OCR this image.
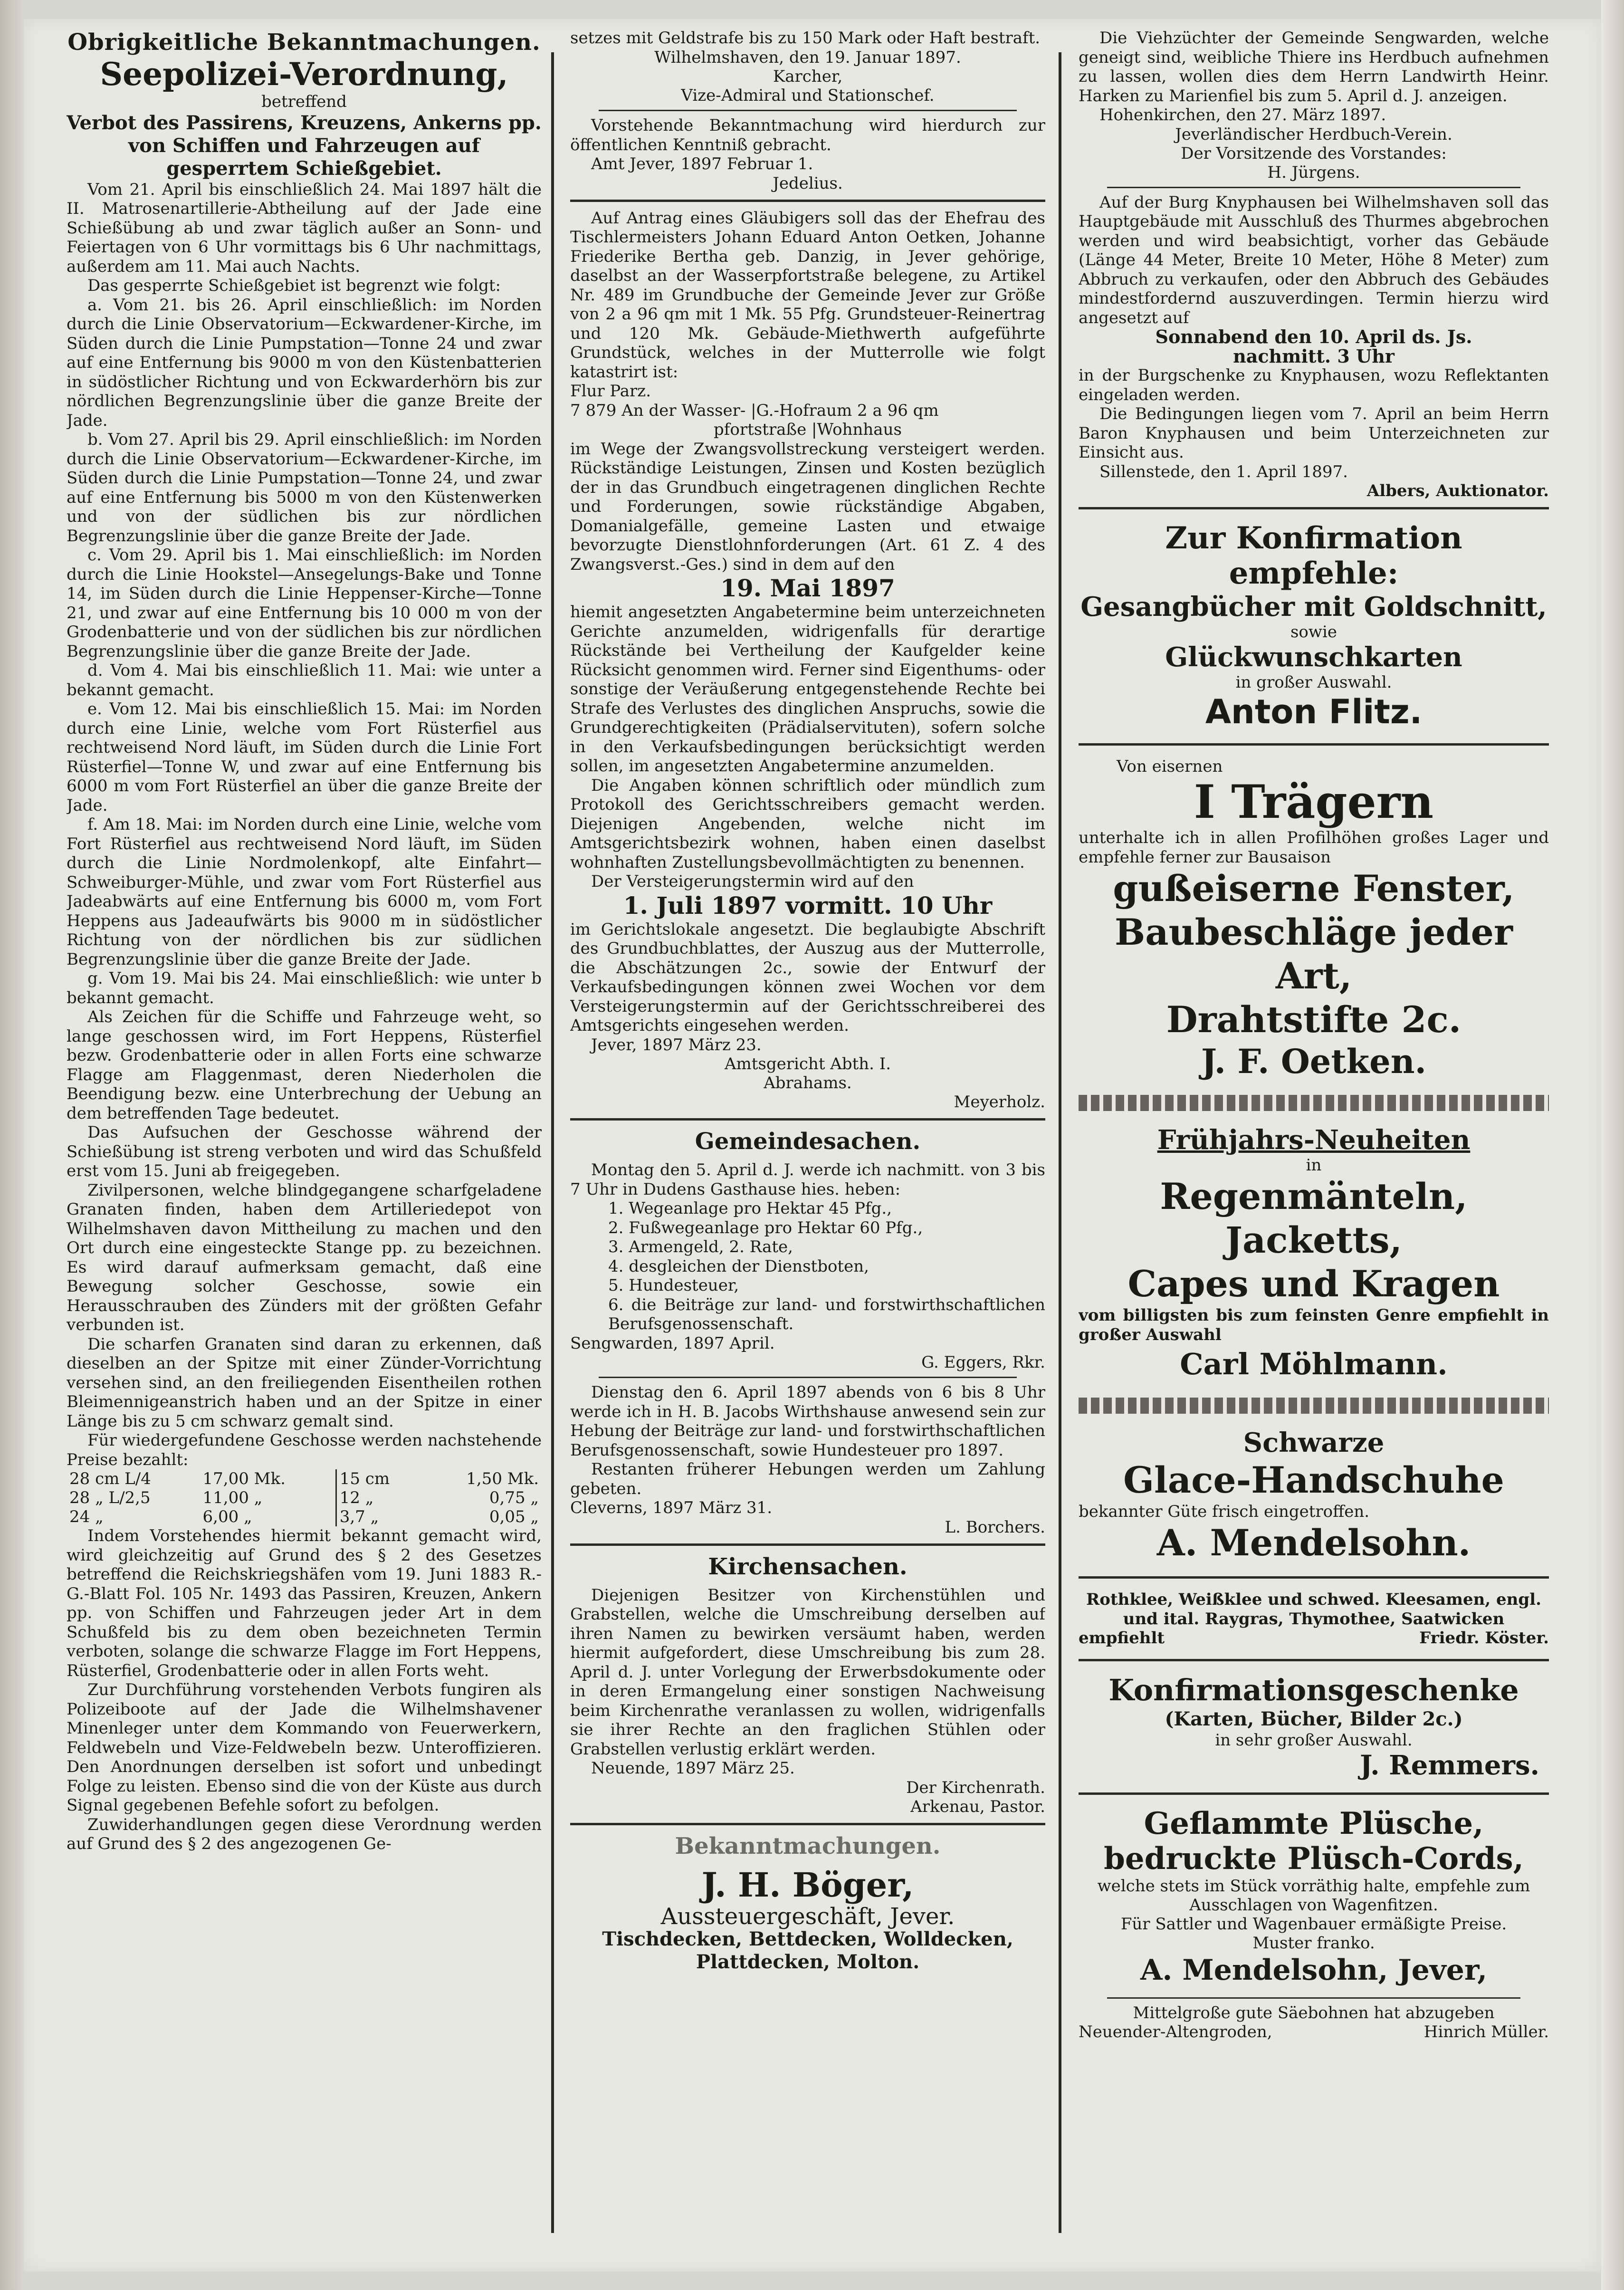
Obrigkeitliche Bekanntmachungen.

Seepolizei-Verordnung,

betreffend

Verbot des Passirens, Kreuzens, Ankerns pp. von Schiffen und Fahrzeugen auf gesperrtem Schießgebiet.

Vom 21. April bis einschließlich 24. Mai 1897 hält die II. Matrosenartillerie-Abtheilung auf der Jade eine Schießübung ab und zwar täglich außer an Sonn- und Feiertagen von 6 Uhr vormittags bis 6 Uhr nachmittags, außerdem am 11. Mai auch Nachts.

Das gesperrte Schießgebiet ist begrenzt wie folgt:

a. Vom 21. bis 26. April einschließlich: im Norden durch die Linie Observatorium—Eckwardener-Kirche, im Süden durch die Linie Pumpstation—Tonne 24 und zwar auf eine Entfernung bis 9000 m von den Küstenbatterien in südöstlicher Richtung und von Eckwarderhörn bis zur nördlichen Begrenzungslinie über die ganze Breite der Jade.

b. Vom 27. April bis 29. April einschließlich: im Norden durch die Linie Observatorium—Eckwardener-Kirche, im Süden durch die Linie Pumpstation—Tonne 24, und zwar auf eine Entfernung bis 5000 m von den Küstenwerken und von der südlichen bis zur nördlichen Begrenzungslinie über die ganze Breite der Jade.

c. Vom 29. April bis 1. Mai einschließlich: im Norden durch die Linie Hookstel—Ansegelungs-Bake und Tonne 14, im Süden durch die Linie Heppenser-Kirche—Tonne 21, und zwar auf eine Entfernung bis 10 000 m von der Grodenbatterie und von der südlichen bis zur nördlichen Begrenzungslinie über die ganze Breite der Jade.

d. Vom 4. Mai bis einschließlich 11. Mai: wie unter a bekannt gemacht.

e. Vom 12. Mai bis einschließlich 15. Mai: im Norden durch eine Linie, welche vom Fort Rüsterfiel aus rechtweisend Nord läuft, im Süden durch die Linie Fort Rüsterfiel—Tonne W, und zwar auf eine Entfernung bis 6000 m vom Fort Rüsterfiel an über die ganze Breite der Jade.

f. Am 18. Mai: im Norden durch eine Linie, welche vom Fort Rüsterfiel aus rechtweisend Nord läuft, im Süden durch die Linie Nordmolenkopf, alte Einfahrt—Schweiburger-Mühle, und zwar vom Fort Rüsterfiel aus Jadeabwärts auf eine Entfernung bis 6000 m, vom Fort Heppens aus Jadeaufwärts bis 9000 m in südöstlicher Richtung von der nördlichen bis zur südlichen Begrenzungslinie über die ganze Breite der Jade.

g. Vom 19. Mai bis 24. Mai einschließlich: wie unter b bekannt gemacht.

Als Zeichen für die Schiffe und Fahrzeuge weht, so lange geschossen wird, im Fort Heppens, Rüsterfiel bezw. Grodenbatterie oder in allen Forts eine schwarze Flagge am Flaggenmast, deren Niederholen die Beendigung bezw. eine Unterbrechung der Uebung an dem betreffenden Tage bedeutet.

Das Aufsuchen der Geschosse während der Schießübung ist streng verboten und wird das Schußfeld erst vom 15. Juni ab freigegeben.

Zivilpersonen, welche blindgegangene scharfgeladene Granaten finden, haben dem Artilleriedepot von Wilhelmshaven davon Mittheilung zu machen und den Ort durch eine eingesteckte Stange pp. zu bezeichnen. Es wird darauf aufmerksam gemacht, daß eine Bewegung solcher Geschosse, sowie ein Herausschrauben des Zünders mit der größten Gefahr verbunden ist.

Die scharfen Granaten sind daran zu erkennen, daß dieselben an der Spitze mit einer Zünder-Vorrichtung versehen sind, an den freiliegenden Eisentheilen rothen Bleimennigeanstrich haben und an der Spitze in einer Länge bis zu 5 cm schwarz gemalt sind.

Für wiedergefundene Geschosse werden nachstehende Preise bezahlt:

28 cm L/4	17,00 Mk.	15 cm	1,50 Mk.
28 „ L/2,5	11,00 „	12 „	0,75 „
24 „	6,00 „	3,7 „	0,05 „

Indem Vorstehendes hiermit bekannt gemacht wird, wird gleichzeitig auf Grund des § 2 des Gesetzes betreffend die Reichskriegshäfen vom 19. Juni 1883 R.-G.-Blatt Fol. 105 Nr. 1493 das Passiren, Kreuzen, Ankern pp. von Schiffen und Fahrzeugen jeder Art in dem Schußfeld bis zu dem oben bezeichneten Termin verboten, solange die schwarze Flagge im Fort Heppens, Rüsterfiel, Grodenbatterie oder in allen Forts weht.

Zur Durchführung vorstehenden Verbots fungiren als Polizeiboote auf der Jade die Wilhelmshavener Minenleger unter dem Kommando von Feuerwerkern, Feldwebeln und Vize-Feldwebeln bezw. Unteroffizieren. Den Anordnungen derselben ist sofort und unbedingt Folge zu leisten. Ebenso sind die von der Küste aus durch Signal gegebenen Befehle sofort zu befolgen.

Zuwiderhandlungen gegen diese Verordnung werden auf Grund des § 2 des angezogenen Ge-

setzes mit Geldstrafe bis zu 150 Mark oder Haft bestraft.

Wilhelmshaven, den 19. Januar 1897.

Karcher,

Vize-Admiral und Stationschef.

Vorstehende Bekanntmachung wird hierdurch zur öffentlichen Kenntniß gebracht.

Amt Jever, 1897 Februar 1.

Jedelius.

Auf Antrag eines Gläubigers soll das der Ehefrau des Tischlermeisters Johann Eduard Anton Oetken, Johanne Friederike Bertha geb. Danzig, in Jever gehörige, daselbst an der Wasserpfortstraße belegene, zu Artikel Nr. 489 im Grundbuche der Gemeinde Jever zur Größe von 2 a 96 qm mit 1 Mk. 55 Pfg. Grundsteuer-Reinertrag und 120 Mk. Gebäude-Miethwerth aufgeführte Grundstück, welches in der Mutterrolle wie folgt katastrirt ist:

Flur Parz.

7 879 An der Wasser- |G.-Hofraum 2 a 96 qm

pfortstraße |Wohnhaus

im Wege der Zwangsvollstreckung versteigert werden. Rückständige Leistungen, Zinsen und Kosten bezüglich der in das Grundbuch eingetragenen dinglichen Rechte und Forderungen, sowie rückständige Abgaben, Domanialgefälle, gemeine Lasten und etwaige bevorzugte Dienstlohnforderungen (Art. 61 Z. 4 des Zwangsverst.-Ges.) sind in dem auf den

19. Mai 1897

hiemit angesetzten Angabetermine beim unterzeichneten Gerichte anzumelden, widrigenfalls für derartige Rückstände bei Vertheilung der Kaufgelder keine Rücksicht genommen wird. Ferner sind Eigenthums- oder sonstige der Veräußerung entgegenstehende Rechte bei Strafe des Verlustes des dinglichen Anspruchs, sowie die Grundgerechtigkeiten (Prädialservituten), sofern solche in den Verkaufsbedingungen berücksichtigt werden sollen, im angesetzten Angabetermine anzumelden.

Die Angaben können schriftlich oder mündlich zum Protokoll des Gerichtsschreibers gemacht werden. Diejenigen Angebenden, welche nicht im Amtsgerichtsbezirk wohnen, haben einen daselbst wohnhaften Zustellungsbevollmächtigten zu benennen.

Der Versteigerungstermin wird auf den

1. Juli 1897 vormitt. 10 Uhr

im Gerichtslokale angesetzt. Die beglaubigte Abschrift des Grundbuchblattes, der Auszug aus der Mutterrolle, die Abschätzungen 2c., sowie der Entwurf der Verkaufsbedingungen können zwei Wochen vor dem Versteigerungstermin auf der Gerichtsschreiberei des Amtsgerichts eingesehen werden.

Jever, 1897 März 23.

Amtsgericht Abth. I.

Abrahams.

Meyerholz.

Gemeindesachen.

Montag den 5. April d. J. werde ich nachmitt. von 3 bis 7 Uhr in Dudens Gasthause hies. heben:

1. Wegeanlage pro Hektar 45 Pfg.,

2. Fußwegeanlage pro Hektar 60 Pfg.,

3. Armengeld, 2. Rate,

4. desgleichen der Dienstboten,

5. Hundesteuer,

6. die Beiträge zur land- und forstwirthschaftlichen Berufsgenossenschaft.

Sengwarden, 1897 April.

G. Eggers, Rkr.

Dienstag den 6. April 1897 abends von 6 bis 8 Uhr werde ich in H. B. Jacobs Wirthshause anwesend sein zur Hebung der Beiträge zur land- und forstwirthschaftlichen Berufsgenossenschaft, sowie Hundesteuer pro 1897.

Restanten früherer Hebungen werden um Zahlung gebeten.

Cleverns, 1897 März 31.

L. Borchers.

Kirchensachen.

Diejenigen Besitzer von Kirchenstühlen und Grabstellen, welche die Umschreibung derselben auf ihren Namen zu bewirken versäumt haben, werden hiermit aufgefordert, diese Umschreibung bis zum 28. April d. J. unter Vorlegung der Erwerbsdokumente oder in deren Ermangelung einer sonstigen Nachweisung beim Kirchenrathe veranlassen zu wollen, widrigenfalls sie ihrer Rechte an den fraglichen Stühlen oder Grabstellen verlustig erklärt werden.

Neuende, 1897 März 25.

Der Kirchenrath.

Arkenau, Pastor.

Bekanntmachungen.

J. H. Böger,
Aussteuergeschäft, Jever.
Tischdecken, Bettdecken, Wolldecken, Plattdecken, Molton.

Die Viehzüchter der Gemeinde Sengwarden, welche geneigt sind, weibliche Thiere ins Herdbuch aufnehmen zu lassen, wollen dies dem Herrn Landwirth Heinr. Harken zu Marienfiel bis zum 5. April d. J. anzeigen.

Hohenkirchen, den 27. März 1897.

Jeverländischer Herdbuch-Verein.

Der Vorsitzende des Vorstandes:

H. Jürgens.

Auf der Burg Knyphausen bei Wilhelmshaven soll das Hauptgebäude mit Ausschluß des Thurmes abgebrochen werden und wird beabsichtigt, vorher das Gebäude (Länge 44 Meter, Breite 10 Meter, Höhe 8 Meter) zum Abbruch zu verkaufen, oder den Abbruch des Gebäudes mindestfordernd auszuverdingen. Termin hierzu wird angesetzt auf

Sonnabend den 10. April ds. Js.

nachmitt. 3 Uhr

in der Burgschenke zu Knyphausen, wozu Reflektanten eingeladen werden.

Die Bedingungen liegen vom 7. April an beim Herrn Baron Knyphausen und beim Unterzeichneten zur Einsicht aus.

Sillenstede, den 1. April 1897.

Albers, Auktionator.

Zur Konfirmation empfehle:
Gesangbücher mit Goldschnitt,
sowie
Glückwunschkarten
in großer Auswahl.
Anton Flitz.
Von eisernen
I Trägern

unterhalte ich in allen Profilhöhen großes Lager und empfehle ferner zur Bausaison

gußeiserne Fenster,
Baubeschläge jeder Art,
Drahtstifte 2c.
J. F. Oetken.
Frühjahrs-Neuheiten
in
Regenmänteln, Jacketts,
Capes und Kragen

vom billigsten bis zum feinsten Genre empfiehlt in großer Auswahl

Carl Möhlmann.
Schwarze
Glace-Handschuhe
bekannter Güte frisch eingetroffen.
A. Mendelsohn.

Rothklee, Weißklee und schwed. Kleesamen, engl. und ital. Raygras, Thymothee, Saatwicken

empfiehlt	Friedr. Köster.
Konfirmationsgeschenke
(Karten, Bücher, Bilder 2c.)
in sehr großer Auswahl.
J. Remmers.
Geflammte Plüsche,
bedruckte Plüsch-Cords,
welche stets im Stück vorräthig halte, empfehle zum Ausschlagen von Wagenfitzen.
Für Sattler und Wagenbauer ermäßigte Preise.
Muster franko.
A. Mendelsohn, Jever,
Mittelgroße gute Säebohnen hat abzugeben
Neuender-Altengroden,	Hinrich Müller.
